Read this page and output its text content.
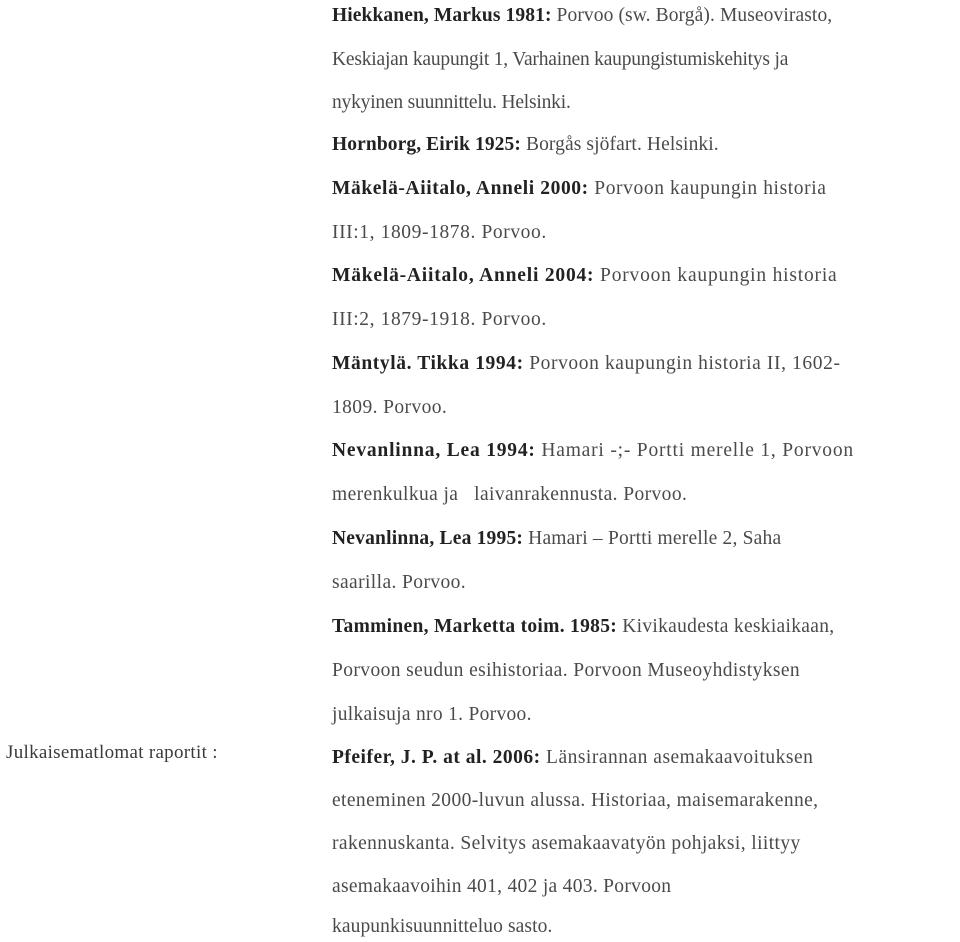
Hiekkanen, Markus 1981: Porvoo (sw. Borgå). Museovirasto,
Keskiajan kaupungit 1, Varhainen kaupungistumiskehitys ja
nykyinen suunnittelu. Helsinki.
Hornborg, Eirik 1925: Borgås sjöfart. Helsinki.
Mäkelä-Aiitalo, Anneli 2000: Porvoon kaupungin historia
III:1, 1809-1878. Porvoo.
Mäkelä-Aiitalo, Anneli 2004: Porvoon kaupungin historia
III:2, 1879-1918. Porvoo.
Mäntylä. Tikka 1994: Porvoon kaupungin historia II, 1602-
1809. Porvoo.
Nevanlinna, Lea 1994: Hamari -;- Portti merelle 1, Porvoon
merenkulkua ja   laivanrakennusta. Porvoo.
Nevanlinna, Lea 1995: Hamari – Portti merelle 2, Saha
saarilla. Porvoo.
Tamminen, Marketta toim. 1985: Kivikaudesta keskiaikaan,
Porvoon seudun esihistoriaa. Porvoon Museoyhdistyksen
julkaisuja nro 1. Porvoo.
Julkaisematlomat raportit :	Pfeifer, J. P. at al. 2006: Länsirannan asemakaavoituksen
eteneminen 2000-luvun alussa. Historiaa, maisemarakenne,
rakennuskanta. Selvitys asemakaavatyön pohjaksi, liittyy
asemakaavoihin 401, 402 ja 403. Porvoon
kaupunkisuunnitteluo sasto.
